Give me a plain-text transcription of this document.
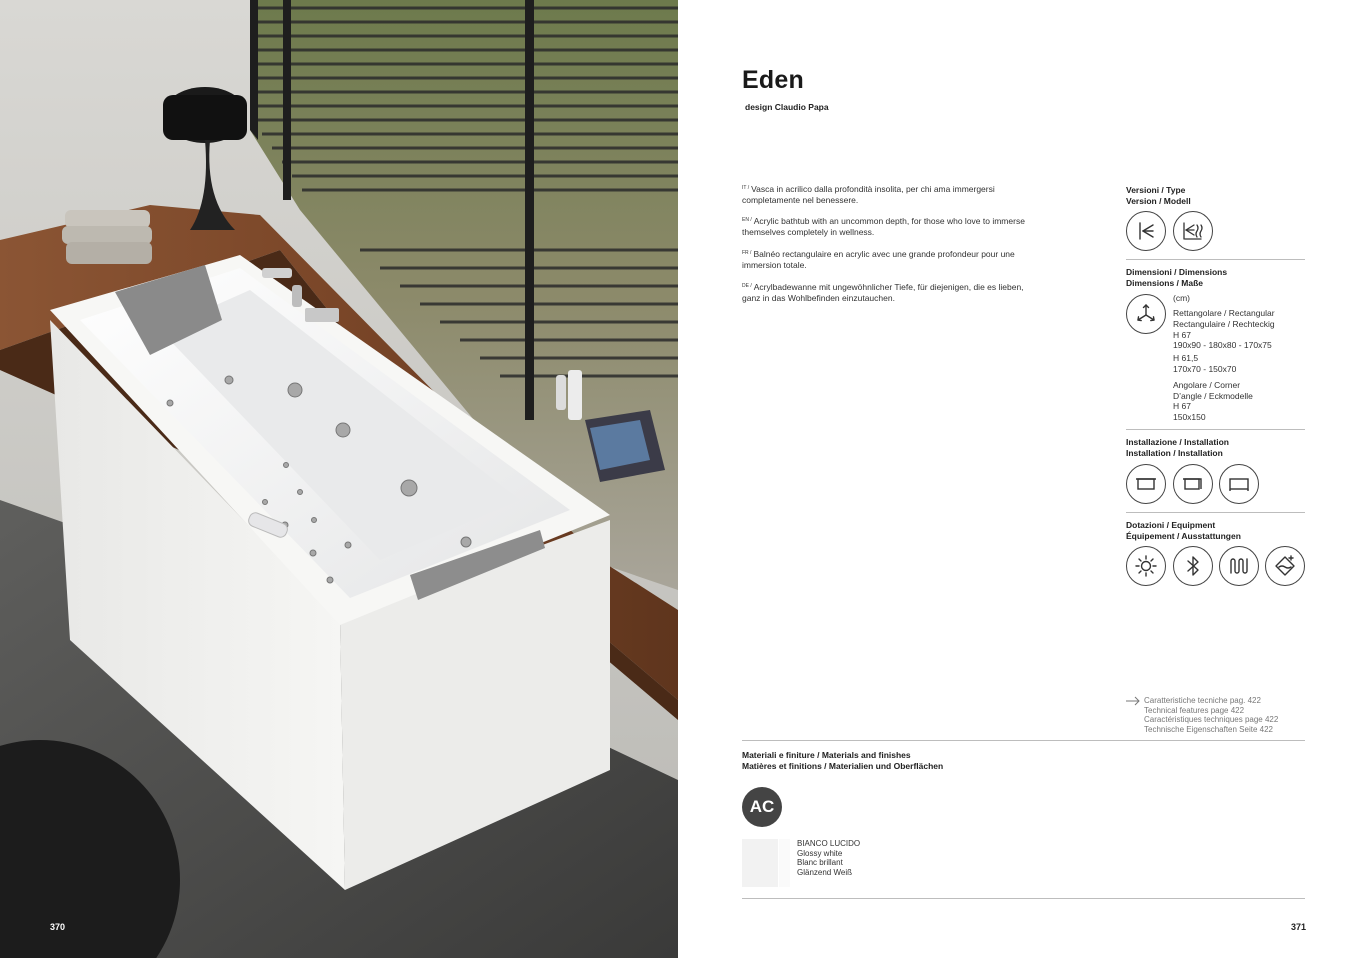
370
Eden
design Claudio Papa
$^{IT /}$ Vasca in acrilico dalla profondità insolita, per chi ama immergersi completamente nel benessere.
$^{EN /}$ Acrylic bathtub with an uncommon depth, for those who love to immerse themselves completely in wellness.
$^{FR /}$ Balnéo rectangulaire en acrylic avec une grande profondeur pour une immersion totale.
$^{DE /}$ Acrylbadewanne mit ungewöhnlicher Tiefe, für diejenigen, die es lieben, ganz in das Wohlbefinden einzutauchen.
Versioni / Type
Version / Modell
Dimensioni / Dimensions
Dimensions / Maße
(cm)
Rettangolare / Rectangular
Rectangulaire / Rechteckig
H 67
190x90 - 180x80 - 170x75
H 61,5
170x70 - 150x70
Angolare / Corner
D’angle / Eckmodelle
H 67
150x150
Installazione / Installation
Installation / Installation
Dotazioni / Equipment
Équipement / Ausstattungen
Caratteristiche tecniche pag. 422
Technical features page 422
Caractéristiques techniques page 422
Technische Eigenschaften Seite 422
Materiali e finiture / Materials and finishes
Matières et finitions / Materialien und Oberflächen
AC
BIANCO LUCIDO
Glossy white
Blanc brillant
Glänzend Weiß
371
